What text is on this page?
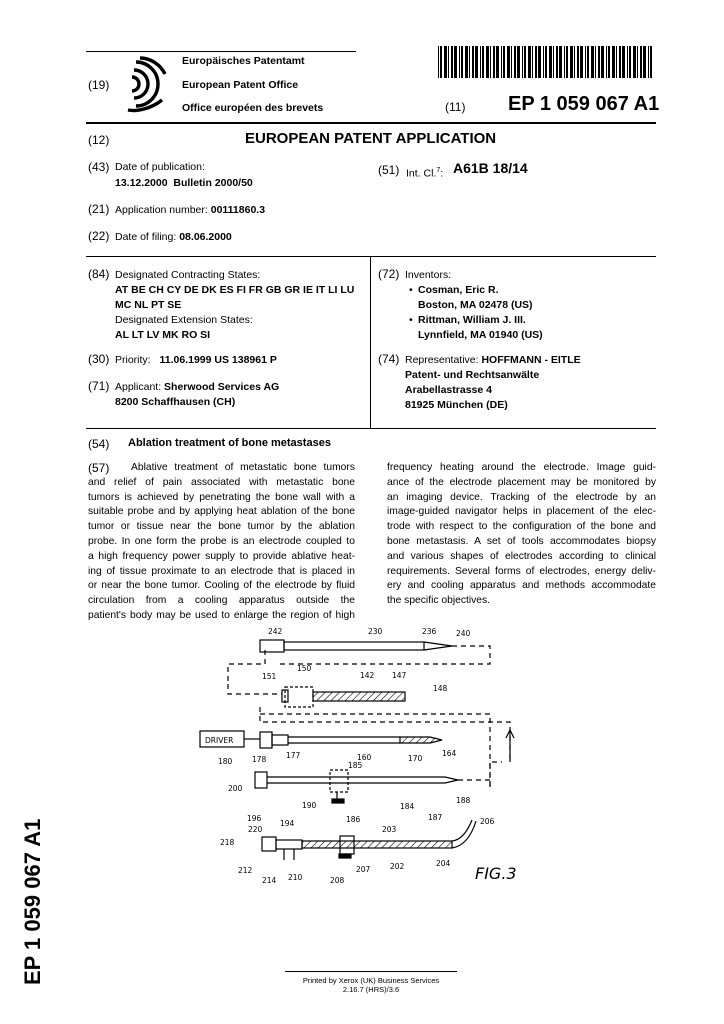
(19)
Europäisches Patentamt
European Patent Office
Office européen des brevets	(11) EP 1 059 067 A1
(12)	EUROPEAN PATENT APPLICATION
(43) Date of publication:
13.12.2000  Bulletin 2000/50
(51) Int. Cl.$^7$: A61B 18/14
(21) Application number: 00111860.3
(22) Date of filing: 08.06.2000
(84) Designated Contracting States:
AT BE CH CY DE DK ES FI FR GB GR IE IT LI LU
MC NL PT SE
Designated Extension States:
AL LT LV MK RO SI
(30) Priority: 11.06.1999 US 138961 P
(71) Applicant: Sherwood Services AG
8200 Schaffhausen (CH)
(72) Inventors:
• Cosman, Eric R.
Boston, MA 02478 (US)
• Rittman, William J. III.
Lynnfield, MA 01940 (US)
(74) Representative: HOFFMANN - EITLE
Patent- und Rechtsanwälte
Arabellastrasse 4
81925 München (DE)
(54) Ablation treatment of bone metastases
(57)	Ablative treatment of metastatic bone tumors
and relief of pain associated with metastatic bone
tumors is achieved by penetrating the bone wall with a
suitable probe and by applying heat ablation of the bone
tumor or tissue near the bone tumor by the ablation
probe. In one form the probe is an electrode coupled to
a high frequency power supply to provide ablative heat-
ing of tissue proximate to an electrode that is placed in
or near the bone tumor. Cooling of the electrode by fluid
circulation from a cooling apparatus outside the
patient's body may be used to enlarge the region of high
frequency heating around the electrode. Image guid-
ance of the electrode placement may be monitored by
an imaging device. Tracking of the electrode by an
image-guided navigator helps in placement of the elec-
trode with respect to the configuration of the bone and
bone metastasis. A set of tools accommodates biopsy
and various shapes of electrodes according to clinical
requirements. Several forms of electrodes, energy deliv-
ery and cooling apparatus and methods accommodate
the specific objectives.
DRIVER
242	230	236	240
151
150
142 147
148
180	178	177	160	170
164
185
200
196
194
190
186
184
188
218
220
212
214 210	208
207
203
202	204
187	206
FIG.3
EP 1 059 067 A1	Printed by Xerox (UK) Business Services
2.16.7 (HRS)/3.6
